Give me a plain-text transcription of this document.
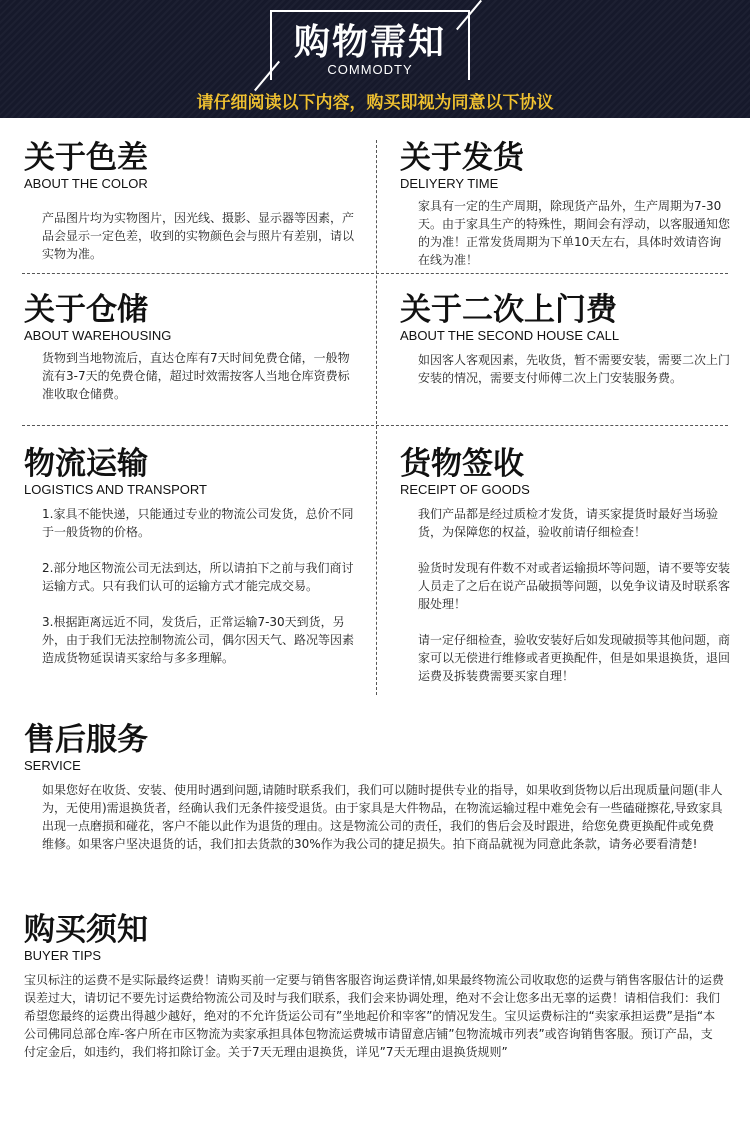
购物需知
COMMODTY
请仔细阅读以下内容，购买即视为同意以下协议
关于色差
ABOUT THE COLOR

产品图片均为实物图片，因光线、摄影、显示器等因素，产品会显示一定色差，收到的实物颜色会与照片有差别，请以实物为准。

关于发货
DELIYERY TIME

家具有一定的生产周期，除现货产品外，生产周期为7-30天。由于家具生产的特殊性，期间会有浮动，以客服通知您的为准！正常发货周期为下单10天左右，具体时效请咨询在线为准！

关于仓储
ABOUT WAREHOUSING

货物到当地物流后，直达仓库有7天时间免费仓储，一般物流有3-7天的免费仓储，超过时效需按客人当地仓库资费标准收取仓储费。

关于二次上门费
ABOUT THE SECOND HOUSE CALL

如因客人客观因素，先收货，暂不需要安装，需要二次上门安装的情况，需要支付师傅二次上门安装服务费。

物流运输
LOGISTICS AND TRANSPORT

1.家具不能快递，只能通过专业的物流公司发货，总价不同于一般货物的价格。

2.部分地区物流公司无法到达，所以请拍下之前与我们商讨运输方式。只有我们认可的运输方式才能完成交易。

3.根据距离远近不同，发货后，正常运输7-30天到货，另外，由于我们无法控制物流公司，偶尔因天气、路况等因素造成货物延误请买家给与多多理解。

货物签收
RECEIPT OF GOODS

我们产品都是经过质检才发货，请买家提货时最好当场验货，为保障您的权益，验收前请仔细检查！

验货时发现有件数不对或者运输损坏等问题，请不要等安装人员走了之后在说产品破损等问题，以免争议请及时联系客服处理！

请一定仔细检查，验收安装好后如发现破损等其他问题，商家可以无偿进行维修或者更换配件，但是如果退换货，退回运费及拆装费需要买家自理！

售后服务
SERVICE

如果您好在收货、安装、使用时遇到问题,请随时联系我们，我们可以随时提供专业的指导，如果收到货物以后出现质量问题(非人为，无使用)需退换货者，经确认我们无条件接受退货。由于家具是大件物品，在物流运输过程中难免会有一些磕碰擦花,导致家具出现一点磨损和碰花，客户不能以此作为退货的理由。这是物流公司的责任，我们的售后会及时跟进，给您免费更换配件或免费维修。如果客户坚决退货的话，我们扣去货款的30%作为我公司的捷足损失。拍下商品就视为同意此条款，请务必要看清楚!

购买须知
BUYER TIPS

宝贝标注的运费不是实际最终运费！请购买前一定要与销售客服咨询运费详情,如果最终物流公司收取您的运费与销售客服估计的运费误差过大，请切记不要先讨运费给物流公司及时与我们联系，我们会来协调处理，绝对不会让您多出无辜的运费！请相信我们：我们希望您最终的运费出得越少越好，绝对的不允许货运公司有”坐地起价和宰客”的情况发生。宝贝运费标注的“卖家承担运费”是指“本公司佛同总部仓库-客户所在市区物流为卖家承担具体包物流运费城市请留意店铺”包物流城市列表”或咨询销售客服。预订产品，支付定金后，如违约，我们将扣除订金。关于7天无理由退换货，详见”7天无理由退换货规则”
